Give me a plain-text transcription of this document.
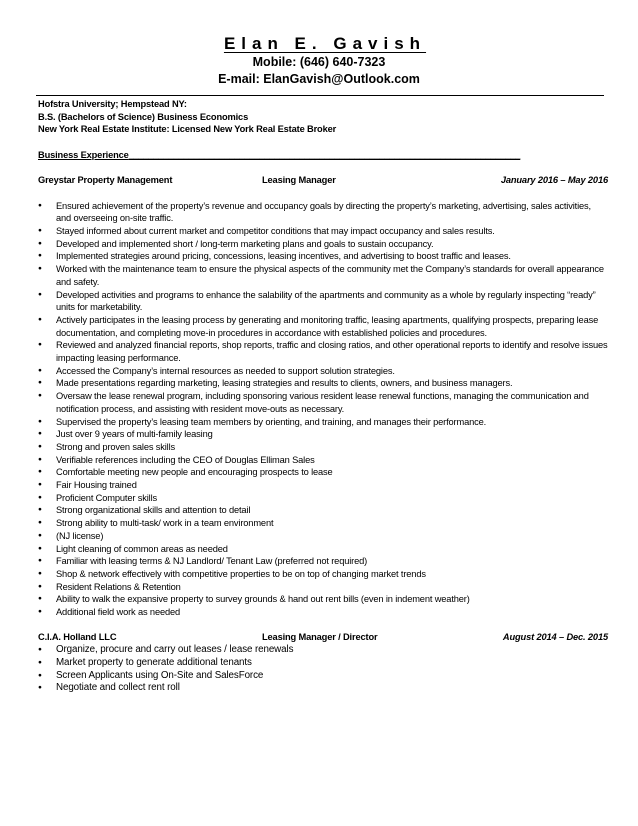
Elan E. Gavish
Mobile: (646) 640-7323
E-mail: ElanGavish@Outlook.com
Hofstra University; Hempstead NY:
B.S. (Bachelors of Science) Business Economics
New York Real Estate Institute: Licensed New York Real Estate Broker
Business Experience______________________________________________________________________________
Greystar Property Management	Leasing Manager	January 2016 – May 2016
● Ensured achievement of the property’s revenue and occupancy goals by directing the property’s marketing, advertising, sales activities, and overseeing on-site traffic.
● Stayed informed about current market and competitor conditions that may impact occupancy and sales results.
● Developed and implemented short / long-term marketing plans and goals to sustain occupancy.
● Implemented strategies around pricing, concessions, leasing incentives, and advertising to boost traffic and leases.
● Worked with the maintenance team to ensure the physical aspects of the community met the Company’s standards for overall appearance and safety.
● Developed activities and programs to enhance the salability of the apartments and community as a whole by regularly inspecting “ready” units for marketability.
● Actively participates in the leasing process by generating and monitoring traffic, leasing apartments, qualifying prospects, preparing lease documentation, and completing move-in procedures in accordance with established policies and procedures.
● Reviewed and analyzed financial reports, shop reports, traffic and closing ratios, and other operational reports to identify and resolve issues impacting leasing performance.
● Accessed the Company’s internal resources as needed to support solution strategies.
● Made presentations regarding marketing, leasing strategies and results to clients, owners, and business managers.
● Oversaw the lease renewal program, including sponsoring various resident lease renewal functions, managing the communication and notification process, and assisting with resident move-outs as necessary.
● Supervised the property’s leasing team members by orienting, and training, and manages their performance.
● Just over 9 years of multi-family leasing
● Strong and proven sales skills
● Verifiable references including the CEO of Douglas Elliman Sales
● Comfortable meeting new people and encouraging prospects to lease
● Fair Housing trained
● Proficient Computer skills
● Strong organizational skills and attention to detail
● Strong ability to multi-task/ work in a team environment
● (NJ license)
● Light cleaning of common areas as needed
● Familiar with leasing terms & NJ Landlord/ Tenant Law (preferred not required)
● Shop & network effectively with competitive properties to be on top of changing market trends
● Resident Relations & Retention
● Ability to walk the expansive property to survey grounds & hand out rent bills (even in indement weather)
● Additional field work as needed
C.I.A. Holland LLC	Leasing Manager / Director	August 2014 – Dec. 2015
● Organize, procure and carry out leases / lease renewals
● Market property to generate additional tenants
● Screen Applicants using On-Site and SalesForce
● Negotiate and collect rent roll
